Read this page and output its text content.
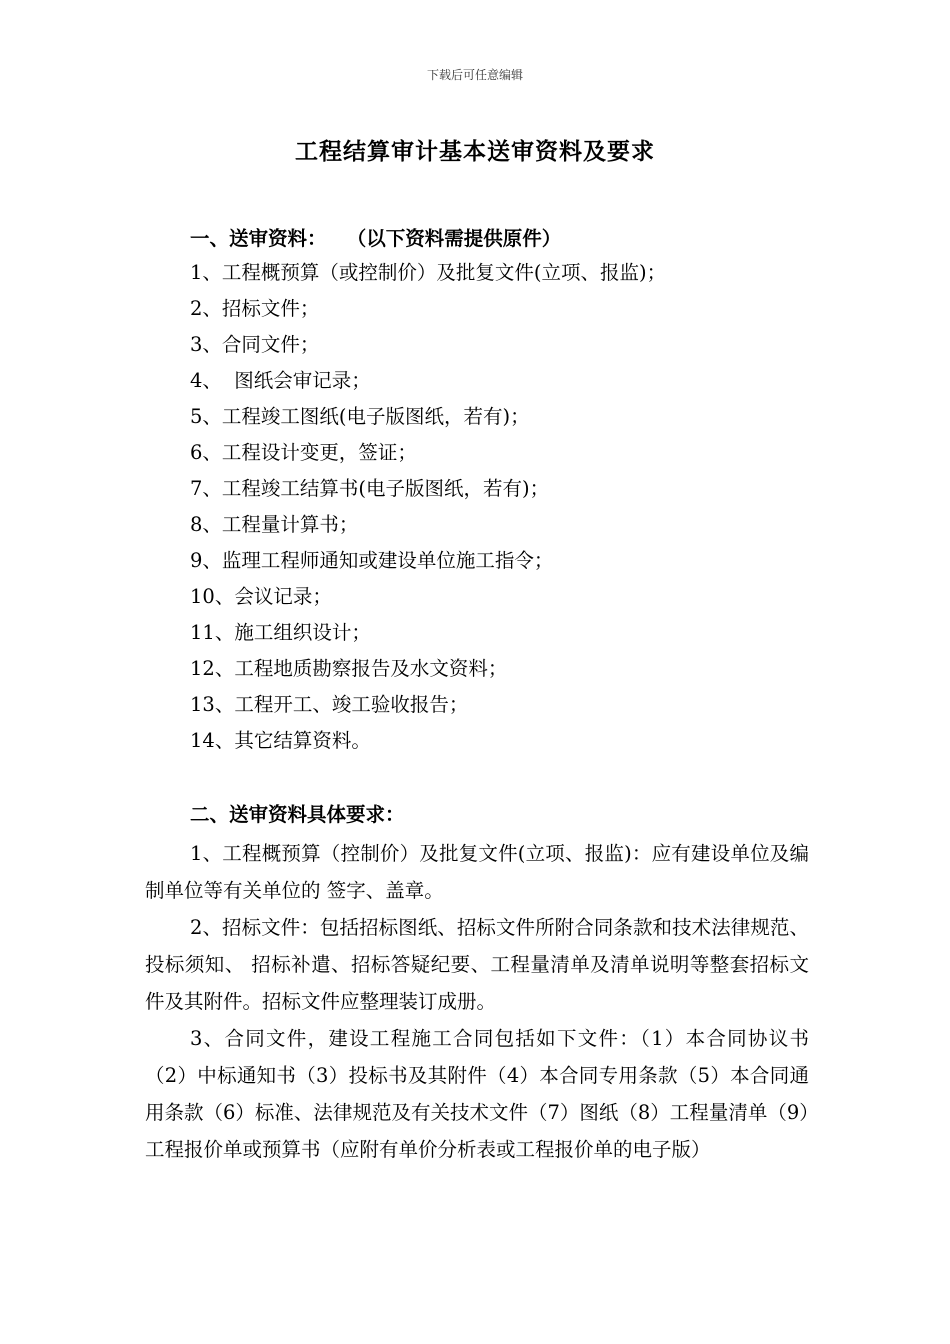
下载后可任意编辑
工程结算审计基本送审资料及要求
一、送审资料： （以下资料需提供原件）
1、工程概预算（或控制价）及批复文件(立项、报监)；
2、招标文件；
3、合同文件；
4、  图纸会审记录；
5、工程竣工图纸(电子版图纸，若有)；
6、工程设计变更，签证；
7、工程竣工结算书(电子版图纸，若有)；
8、工程量计算书；
9、监理工程师通知或建设单位施工指令；
10、会议记录；
11、施工组织设计；
12、工程地质勘察报告及水文资料；
13、工程开工、竣工验收报告；
14、其它结算资料。
二、送审资料具体要求：

1、工程概预算（控制价）及批复文件(立项、报监)：应有建设单位及编制单位等有关单位的 签字、盖章。

2、招标文件：包括招标图纸、招标文件所附合同条款和技术法律规范、投标须知、 招标补遣、招标答疑纪要、工程量清单及清单说明等整套招标文件及其附件。招标文件应整理装订成册。

3、合同文件，建设工程施工合同包括如下文件：（1）本合同协议书（2）中标通知书（3）投标书及其附件（4）本合同专用条款（5）本合同通用条款（6）标准、法律规范及有关技术文件（7）图纸（8）工程量清单（9）工程报价单或预算书（应附有单价分析表或工程报价单的电子版）
